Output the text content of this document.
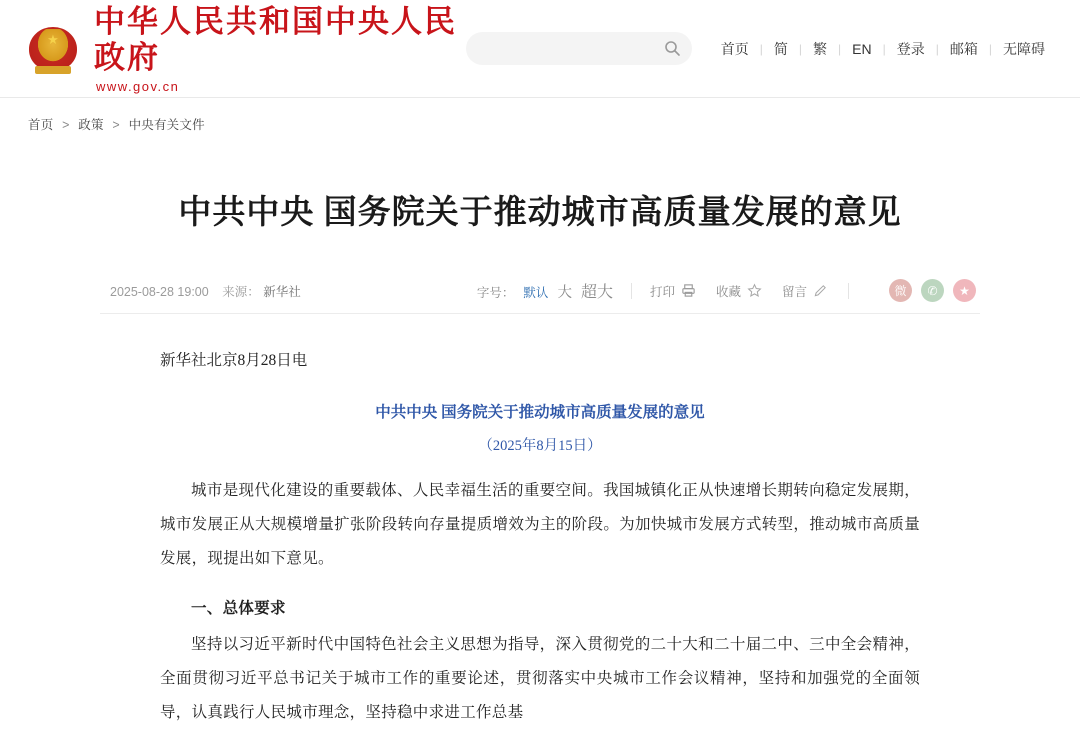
★
中华人民共和国中央人民政府
www.gov.cn
首页 | 简 | 繁 | EN | 登录 | 邮箱 | 无障碍
首页 > 政策 > 中央有关文件
中共中央 国务院关于推动城市高质量发展的意见
2025-08-28 19:00 来源： 新华社	字号： 默认 大 超大	打印	收藏	留言	微	✆	★

新华社北京8月28日电

中共中央 国务院关于推动城市高质量发展的意见

（2025年8月15日）

城市是现代化建设的重要载体、人民幸福生活的重要空间。我国城镇化正从快速增长期转向稳定发展期，城市发展正从大规模增量扩张阶段转向存量提质增效为主的阶段。为加快城市发展方式转型，推动城市高质量发展，现提出如下意见。

一、总体要求

坚持以习近平新时代中国特色社会主义思想为指导，深入贯彻党的二十大和二十届二中、三中全会精神，全面贯彻习近平总书记关于城市工作的重要论述，贯彻落实中央城市工作会议精神，坚持和加强党的全面领导，认真践行人民城市理念，坚持稳中求进工作总基
